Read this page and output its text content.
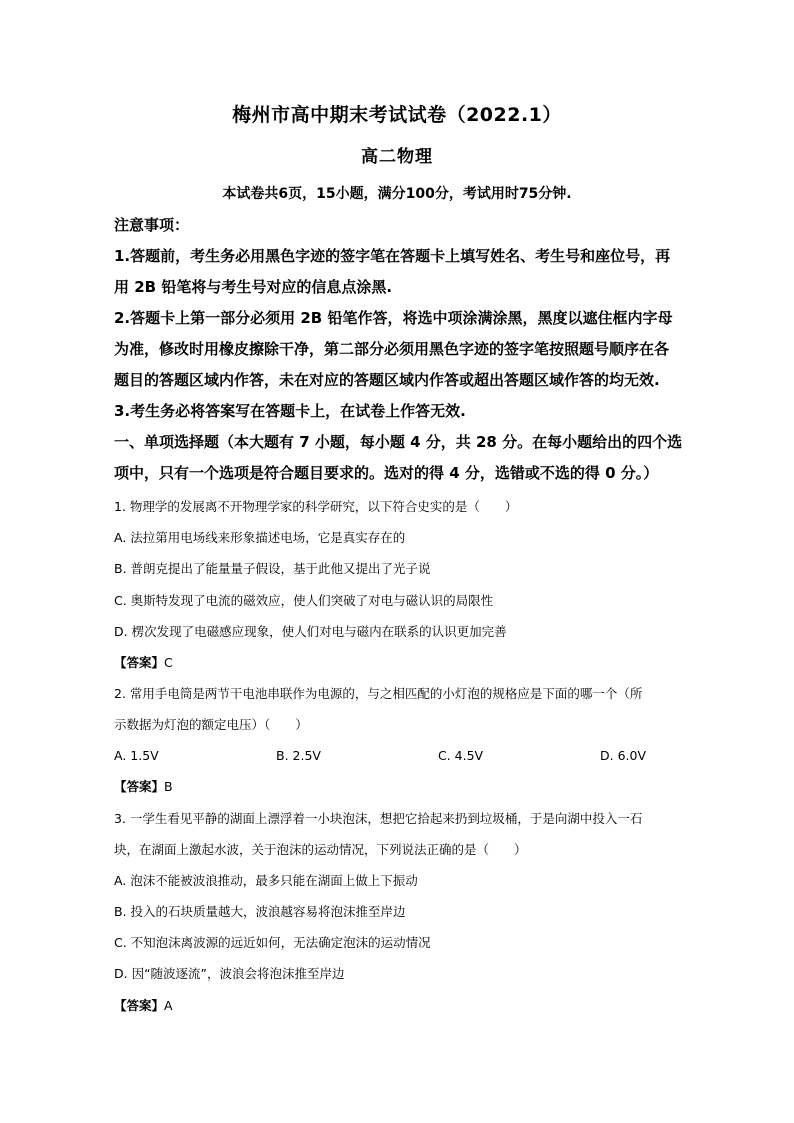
梅州市高中期末考试试卷（2022.1）
高二物理
本试卷共6页，15小题，满分100分，考试用时75分钟.
注意事项：
1.答题前，考生务必用黑色字迹的签字笔在答题卡上填写姓名、考生号和座位号，再
用 2B 铅笔将与考生号对应的信息点涂黑.
2.答题卡上第一部分必须用 2B 铅笔作答，将选中项涂满涂黑，黑度以遮住框内字母
为准，修改时用橡皮擦除干净，第二部分必须用黑色字迹的签字笔按照题号顺序在各
题目的答题区域内作答，未在对应的答题区域内作答或超出答题区域作答的均无效.
3.考生务必将答案写在答题卡上，在试卷上作答无效.
一、单项选择题（本大题有 7 小题，每小题 4 分，共 28 分。在每小题给出的四个选
项中，只有一个选项是符合题目要求的。选对的得 4 分，选错或不选的得 0 分。）
1. 物理学的发展离不开物理学家的科学研究，以下符合史实的是（　　）
A. 法拉第用电场线来形象描述电场，它是真实存在的
B. 普朗克提出了能量量子假设，基于此他又提出了光子说
C. 奥斯特发现了电流的磁效应，使人们突破了对电与磁认识的局限性
D. 楞次发现了电磁感应现象，使人们对电与磁内在联系的认识更加完善
【答案】C
2. 常用手电筒是两节干电池串联作为电源的，与之相匹配的小灯泡的规格应是下面的哪一个（所
示数据为灯泡的额定电压）（　　）
A. 1.5V	B. 2.5V	C. 4.5V	D. 6.0V
【答案】B
3. 一学生看见平静的湖面上漂浮着一小块泡沫，想把它拾起来扔到垃圾桶，于是向湖中投入一石
块，在湖面上激起水波，关于泡沫的运动情况，下列说法正确的是（　　）
A. 泡沫不能被波浪推动，最多只能在湖面上做上下振动
B. 投入的石块质量越大，波浪越容易将泡沫推至岸边
C. 不知泡沫离波源的远近如何，无法确定泡沫的运动情况
D. 因“随波逐流”，波浪会将泡沫推至岸边
【答案】A
